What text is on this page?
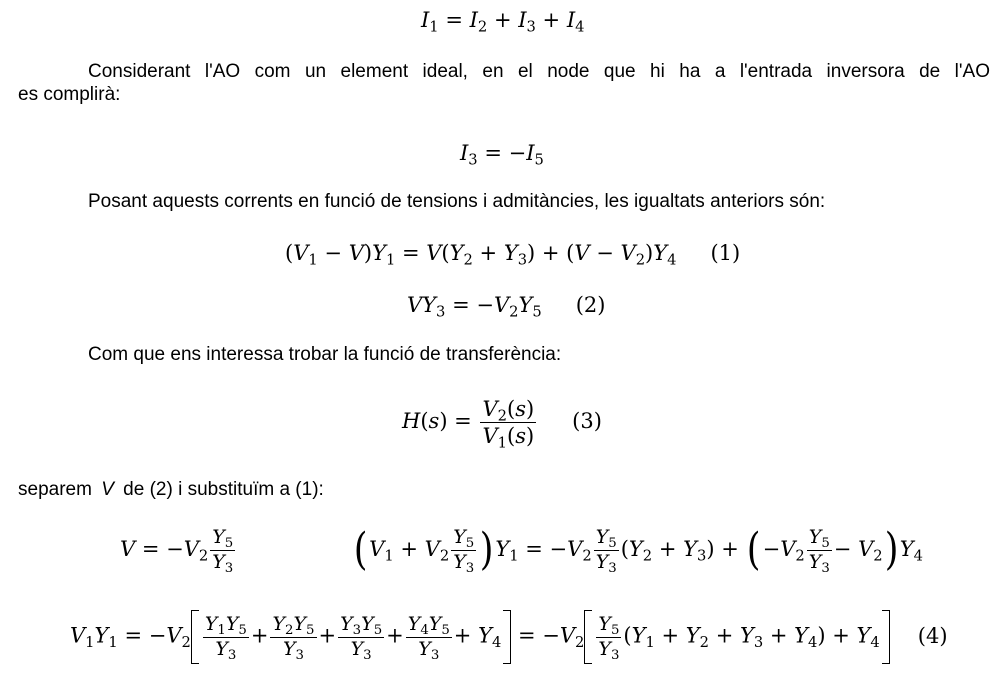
$I_1 = I_2 + I_3 + I_4$
Considerant l'AO com un element ideal, en el node que hi ha a l'entrada inversora de l'AO
es complirà:
$I_3 = -I_5$
Posant aquests corrents en funció de tensions i admitàncies, les igualtats anteriors són:
$(V_1 - V)Y_1 = V(Y_2 + Y_3) + (V - V_2)Y_4$ (1)
$VY_3 = -V_2Y_5$ (2)
Com que ens interessa trobar la funció de transferència:
$H(s) = \frac{V_2(s)}{V_1(s)} (3)$
separem V de (2) i substituïm a (1):
$V = -V_2 \frac{Y_5}{Y_3}$	$(V_1 + V_2 \frac{Y_5}{Y_3} )Y_1 = -V_2 \frac{Y_5}{Y_3} (Y_2 + Y_3) + (-V_2 \frac{Y_5}{Y_3} - V_2)Y_4$
$V_1Y_1 = -V_2 \frac{Y_1Y_5}{Y_3} + \frac{Y_2Y_5}{Y_3} + \frac{Y_3Y_5}{Y_3} + \frac{Y_4Y_5}{Y_3} + Y_4 = -V_2 \frac{Y_5}{Y_3} (Y_1 + Y_2 + Y_3 + Y_4) + Y_4$ (4)
